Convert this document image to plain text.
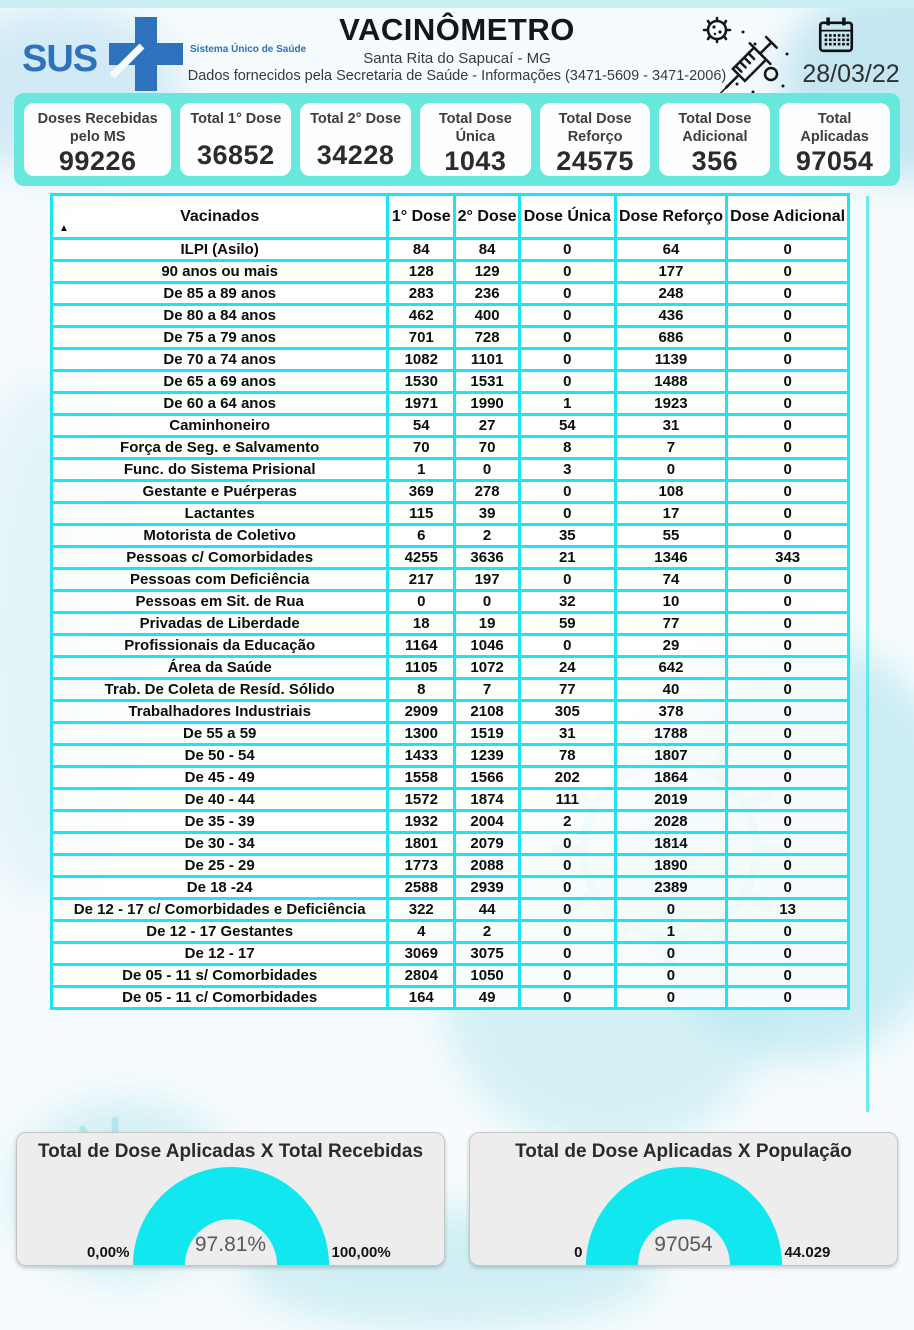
SUS	Sistema Único de Saúde
VACINÔMETRO
Santa Rita do Sapucaí - MG
Dados fornecidos pela Secretaria de Saúde - Informações (3471-5609 - 3471-2006)	28/03/22
Doses Recebidas pelo MS
99226
Total 1° Dose
36852
Total 2° Dose
34228
Total Dose Única
1043
Total Dose Reforço
24575
Total Dose Adicional
356
Total Aplicadas
97054
Vacinados
▲	1° Dose	2° Dose	Dose Única	Dose Reforço	Dose Adicional
ILPI (Asilo)	84	84	0	64	0
90 anos ou mais	128	129	0	177	0
De 85 a 89 anos	283	236	0	248	0
De 80 a 84 anos	462	400	0	436	0
De 75 a 79 anos	701	728	0	686	0
De 70 a 74 anos	1082	1101	0	1139	0
De 65 a 69 anos	1530	1531	0	1488	0
De 60 a 64 anos	1971	1990	1	1923	0
Caminhoneiro	54	27	54	31	0
Força de Seg. e Salvamento	70	70	8	7	0
Func. do Sistema Prisional	1	0	3	0	0
Gestante e Puérperas	369	278	0	108	0
Lactantes	115	39	0	17	0
Motorista de Coletivo	6	2	35	55	0
Pessoas c/ Comorbidades	4255	3636	21	1346	343
Pessoas com Deficiência	217	197	0	74	0
Pessoas em Sit. de Rua	0	0	32	10	0
Privadas de Liberdade	18	19	59	77	0
Profissionais da Educação	1164	1046	0	29	0
Área da Saúde	1105	1072	24	642	0
Trab. De Coleta de Resíd. Sólido	8	7	77	40	0
Trabalhadores Industriais	2909	2108	305	378	0
De 55 a 59	1300	1519	31	1788	0
De 50 - 54	1433	1239	78	1807	0
De 45 - 49	1558	1566	202	1864	0
De 40 - 44	1572	1874	111	2019	0
De 35 - 39	1932	2004	2	2028	0
De 30 - 34	1801	2079	0	1814	0
De 25 - 29	1773	2088	0	1890	0
De 18 -24	2588	2939	0	2389	0
De 12 - 17 c/ Comorbidades e Deficiência	322	44	0	0	13
De 12 - 17 Gestantes	4	2	0	1	0
De 12 - 17	3069	3075	0	0	0
De 05 - 11 s/ Comorbidades	2804	1050	0	0	0
De 05 - 11 c/ Comorbidades	164	49	0	0	0
Total de Dose Aplicadas X Total Recebidas
97.81%
0,00%	100,00%
Total de Dose Aplicadas X População
97054
0	44.029
